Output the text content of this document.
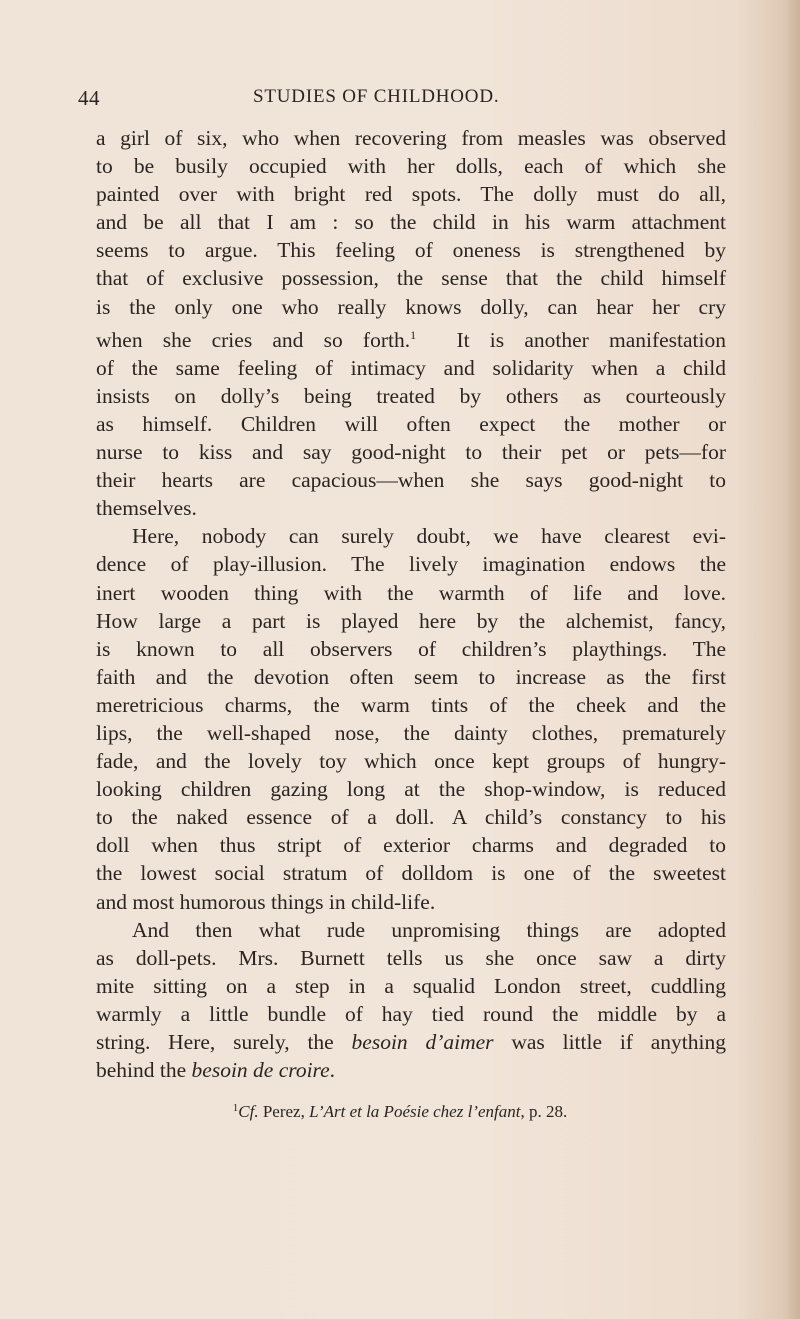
44	STUDIES OF CHILDHOOD.
a girl of six, who when recovering from measles was observed
to be busily occupied with her dolls, each of which she
painted over with bright red spots. The dolly must do all,
and be all that I am : so the child in his warm attachment
seems to argue. This feeling of oneness is strengthened by
that of exclusive possession, the sense that the child himself
is the only one who really knows dolly, can hear her cry
when she cries and so forth.$^1$ It is another manifestation
of the same feeling of intimacy and solidarity when a child
insists on dolly’s being treated by others as courteously
as himself. Children will often expect the mother or
nurse to kiss and say good-night to their pet or pets—for
their hearts are capacious—when she says good-night to
themselves.
Here, nobody can surely doubt, we have clearest evi-
dence of play-illusion. The lively imagination endows the
inert wooden thing with the warmth of life and love.
How large a part is played here by the alchemist, fancy,
is known to all observers of children’s playthings. The
faith and the devotion often seem to increase as the first
meretricious charms, the warm tints of the cheek and the
lips, the well-shaped nose, the dainty clothes, prematurely
fade, and the lovely toy which once kept groups of hungry-
looking children gazing long at the shop-window, is reduced
to the naked essence of a doll. A child’s constancy to his
doll when thus stript of exterior charms and degraded to
the lowest social stratum of dolldom is one of the sweetest
and most humorous things in child-life.
And then what rude unpromising things are adopted
as doll-pets. Mrs. Burnett tells us she once saw a dirty
mite sitting on a step in a squalid London street, cuddling
warmly a little bundle of hay tied round the middle by a
string. Here, surely, the besoin d’aimer was little if anything
behind the besoin de croire.
$^1$Cf. Perez, L’Art et la Poésie chez l’enfant, p. 28.
